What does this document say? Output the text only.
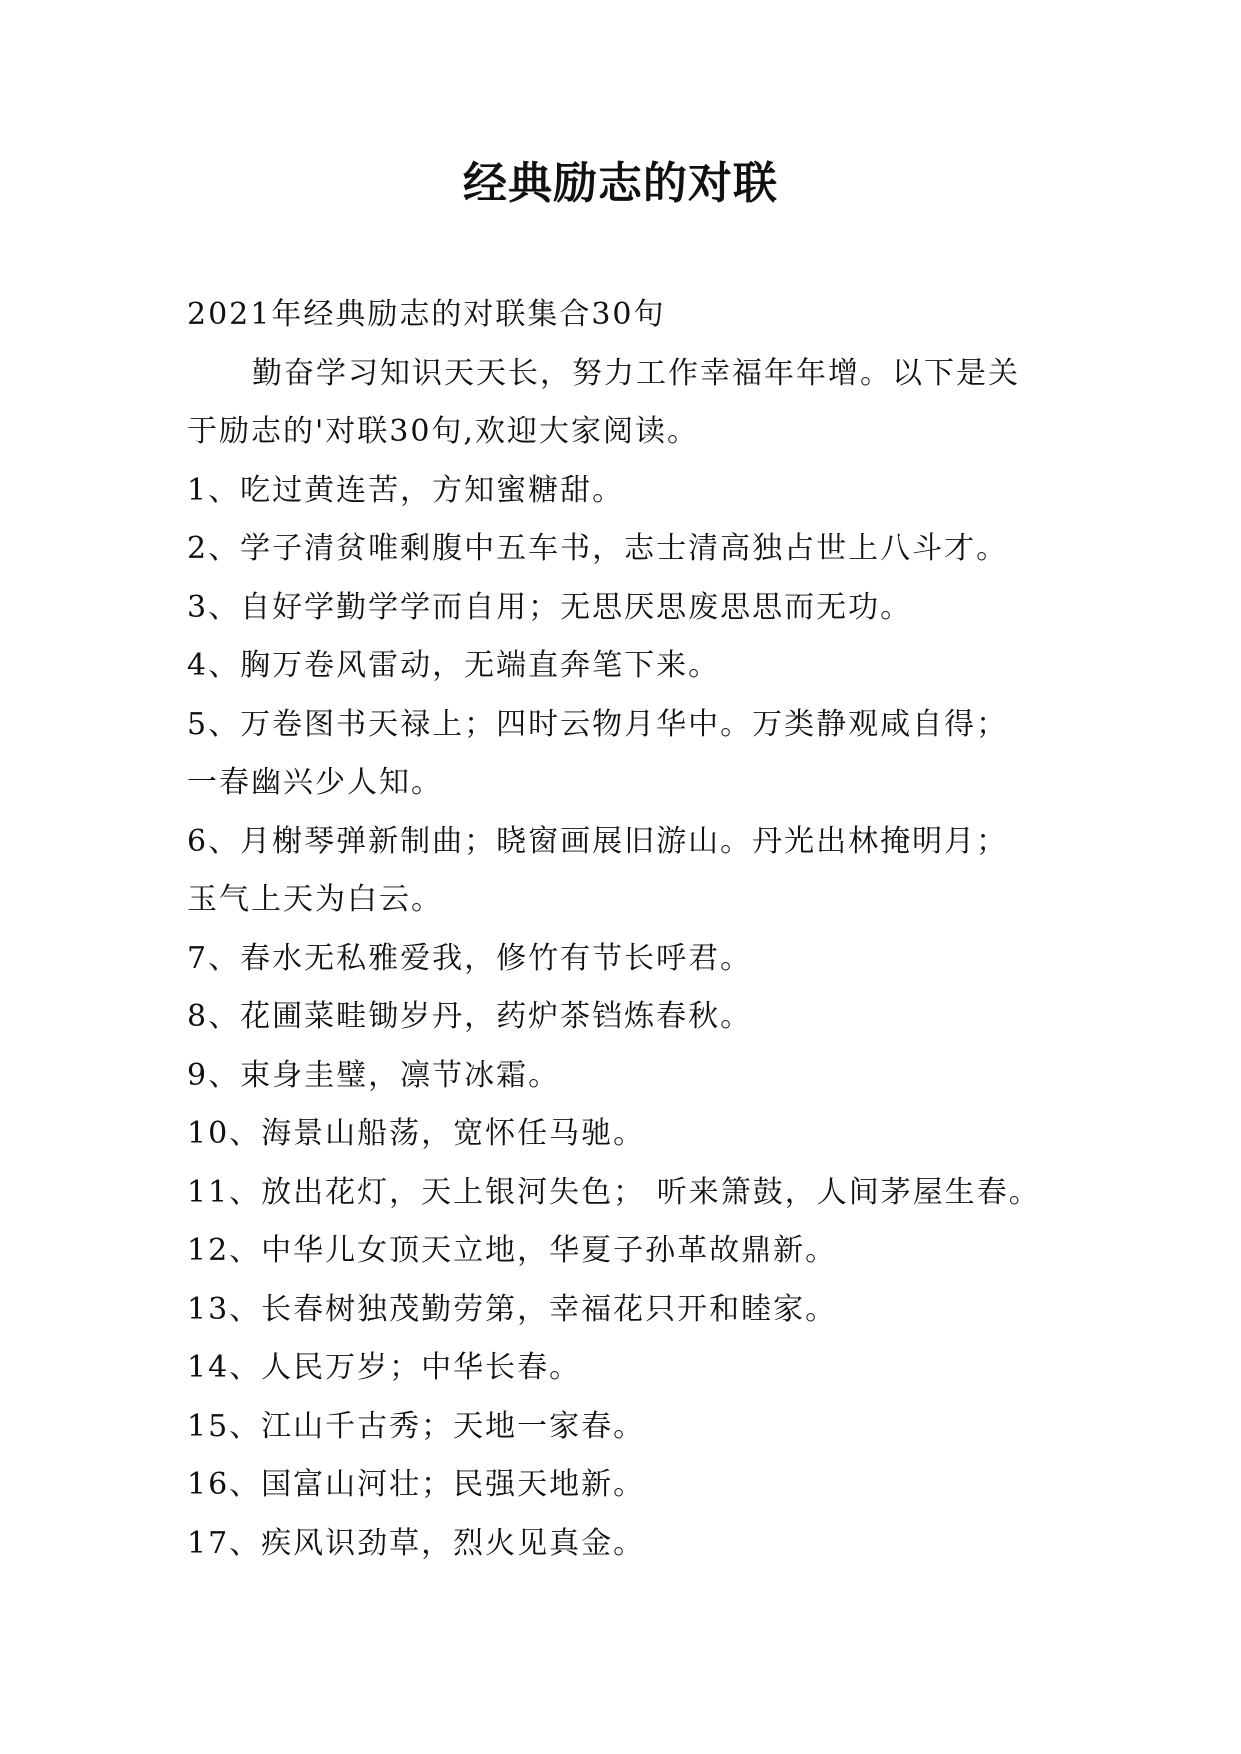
经典励志的对联
2021年经典励志的对联集合30句
勤奋学习知识天天长，努力工作幸福年年增。以下是关
于励志的'对联30句,欢迎大家阅读。
1、吃过黄连苦，方知蜜糖甜。
2、学子清贫唯剩腹中五车书，志士清高独占世上八斗才。
3、自好学勤学学而自用；无思厌思废思思而无功。
4、胸万卷风雷动，无端直奔笔下来。
5、万卷图书天禄上；四时云物月华中。万类静观咸自得；
一春幽兴少人知。
6、月榭琴弹新制曲；晓窗画展旧游山。丹光出林掩明月；
玉气上天为白云。
7、春水无私雅爱我，修竹有节长呼君。
8、花圃菜畦锄岁丹，药炉茶铛炼春秋。
9、束身圭璧，凛节冰霜。
10、海景山船荡，宽怀任马驰。
11、放出花灯，天上银河失色； 听来箫鼓，人间茅屋生春。
12、中华儿女顶天立地，华夏子孙革故鼎新。
13、长春树独茂勤劳第，幸福花只开和睦家。
14、人民万岁；中华长春。
15、江山千古秀；天地一家春。
16、国富山河壮；民强天地新。
17、疾风识劲草，烈火见真金。
